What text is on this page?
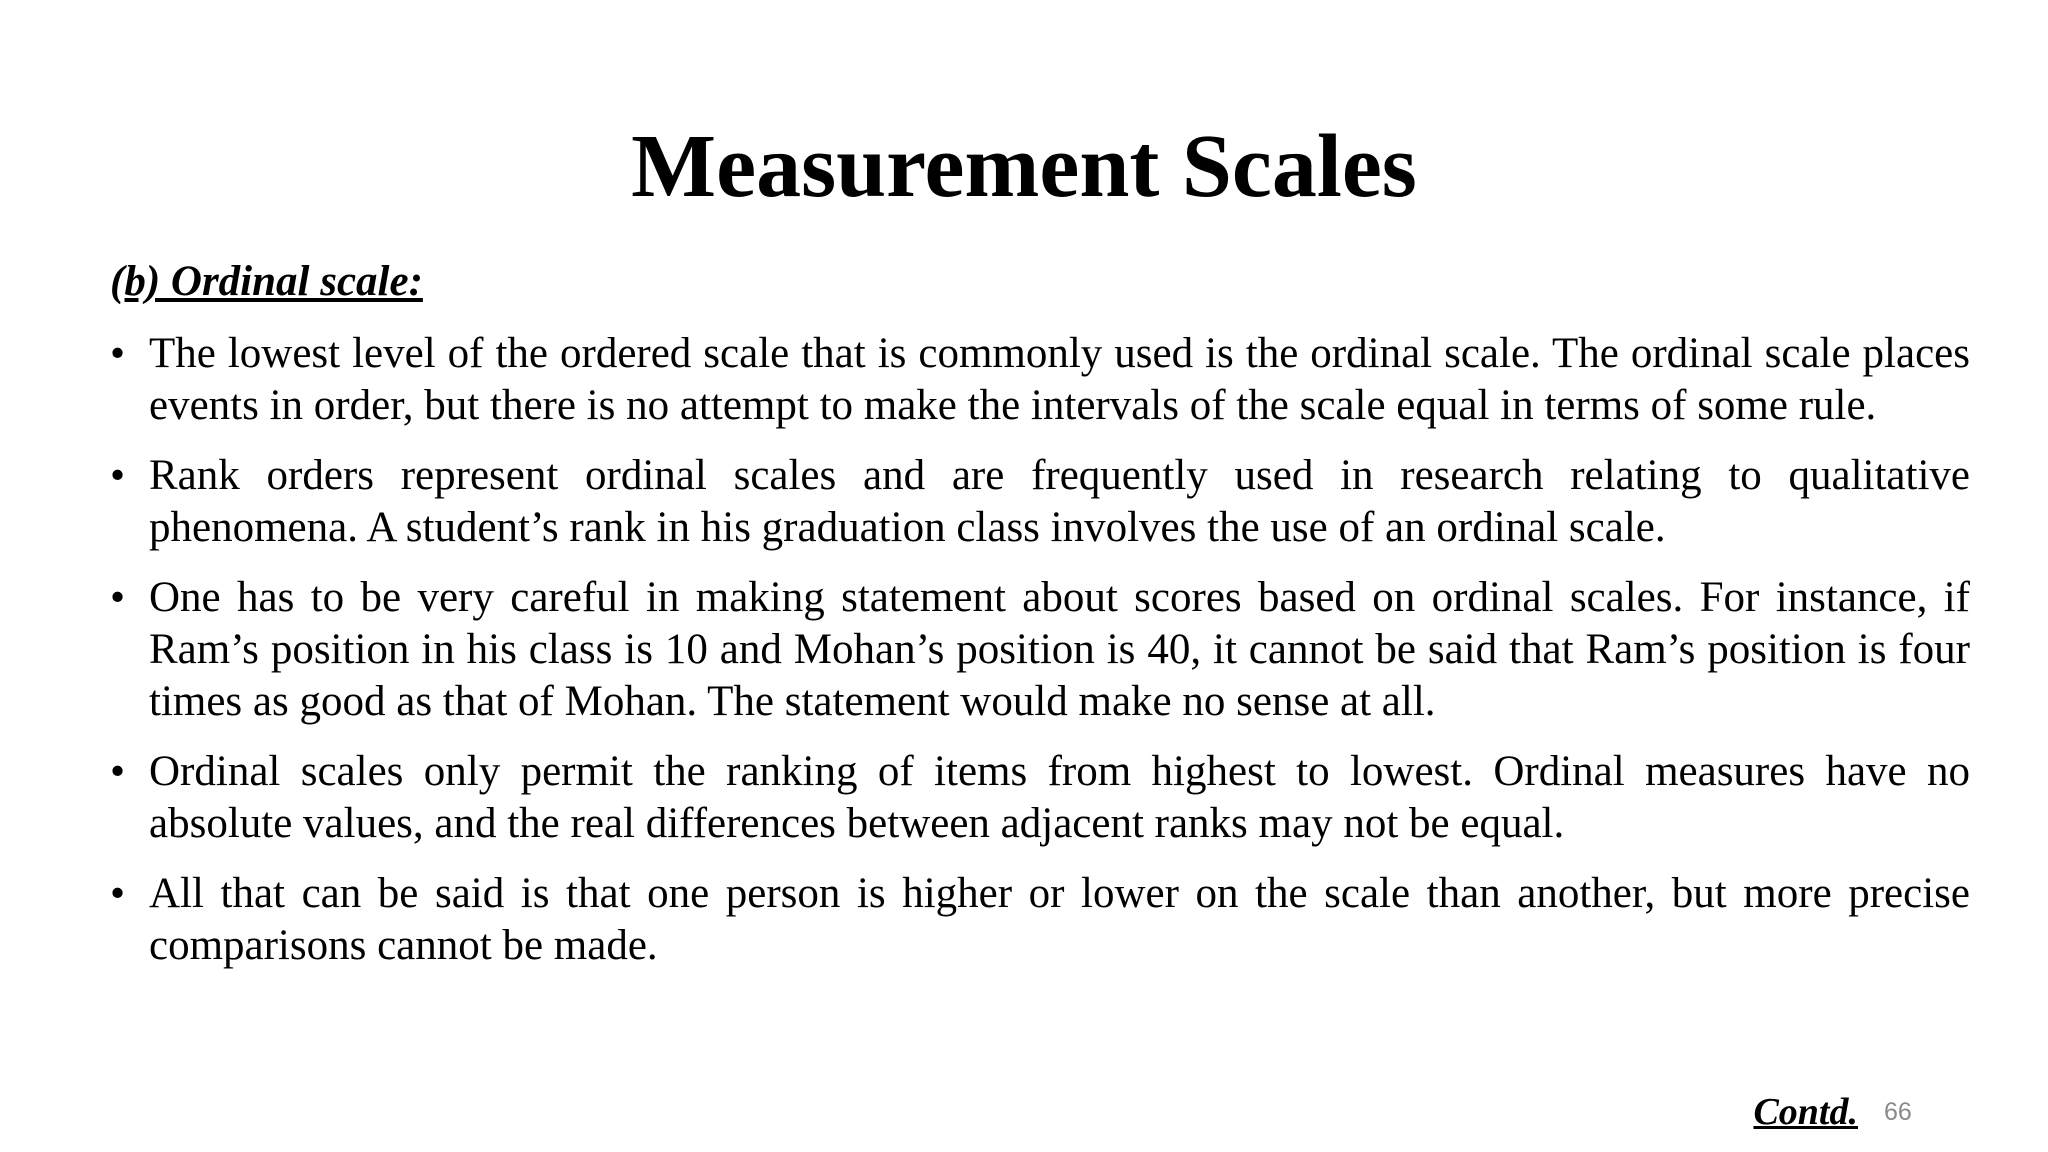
Measurement Scales
(b) Ordinal scale:
• The lowest level of the ordered scale that is commonly used is the ordinal scale. The ordinal scale places events in order, but there is no attempt to make the intervals of the scale equal in terms of some rule.
• Rank orders represent ordinal scales and are frequently used in research relating to qualitative phenomena. A student’s rank in his graduation class involves the use of an ordinal scale.
• One has to be very careful in making statement about scores based on ordinal scales. For instance, if Ram’s position in his class is 10 and Mohan’s position is 40, it cannot be said that Ram’s position is four times as good as that of Mohan. The statement would make no sense at all.
• Ordinal scales only permit the ranking of items from highest to lowest. Ordinal measures have no absolute values, and the real differences between adjacent ranks may not be equal.
• All that can be said is that one person is higher or lower on the scale than another, but more precise comparisons cannot be made.
Contd. 66
